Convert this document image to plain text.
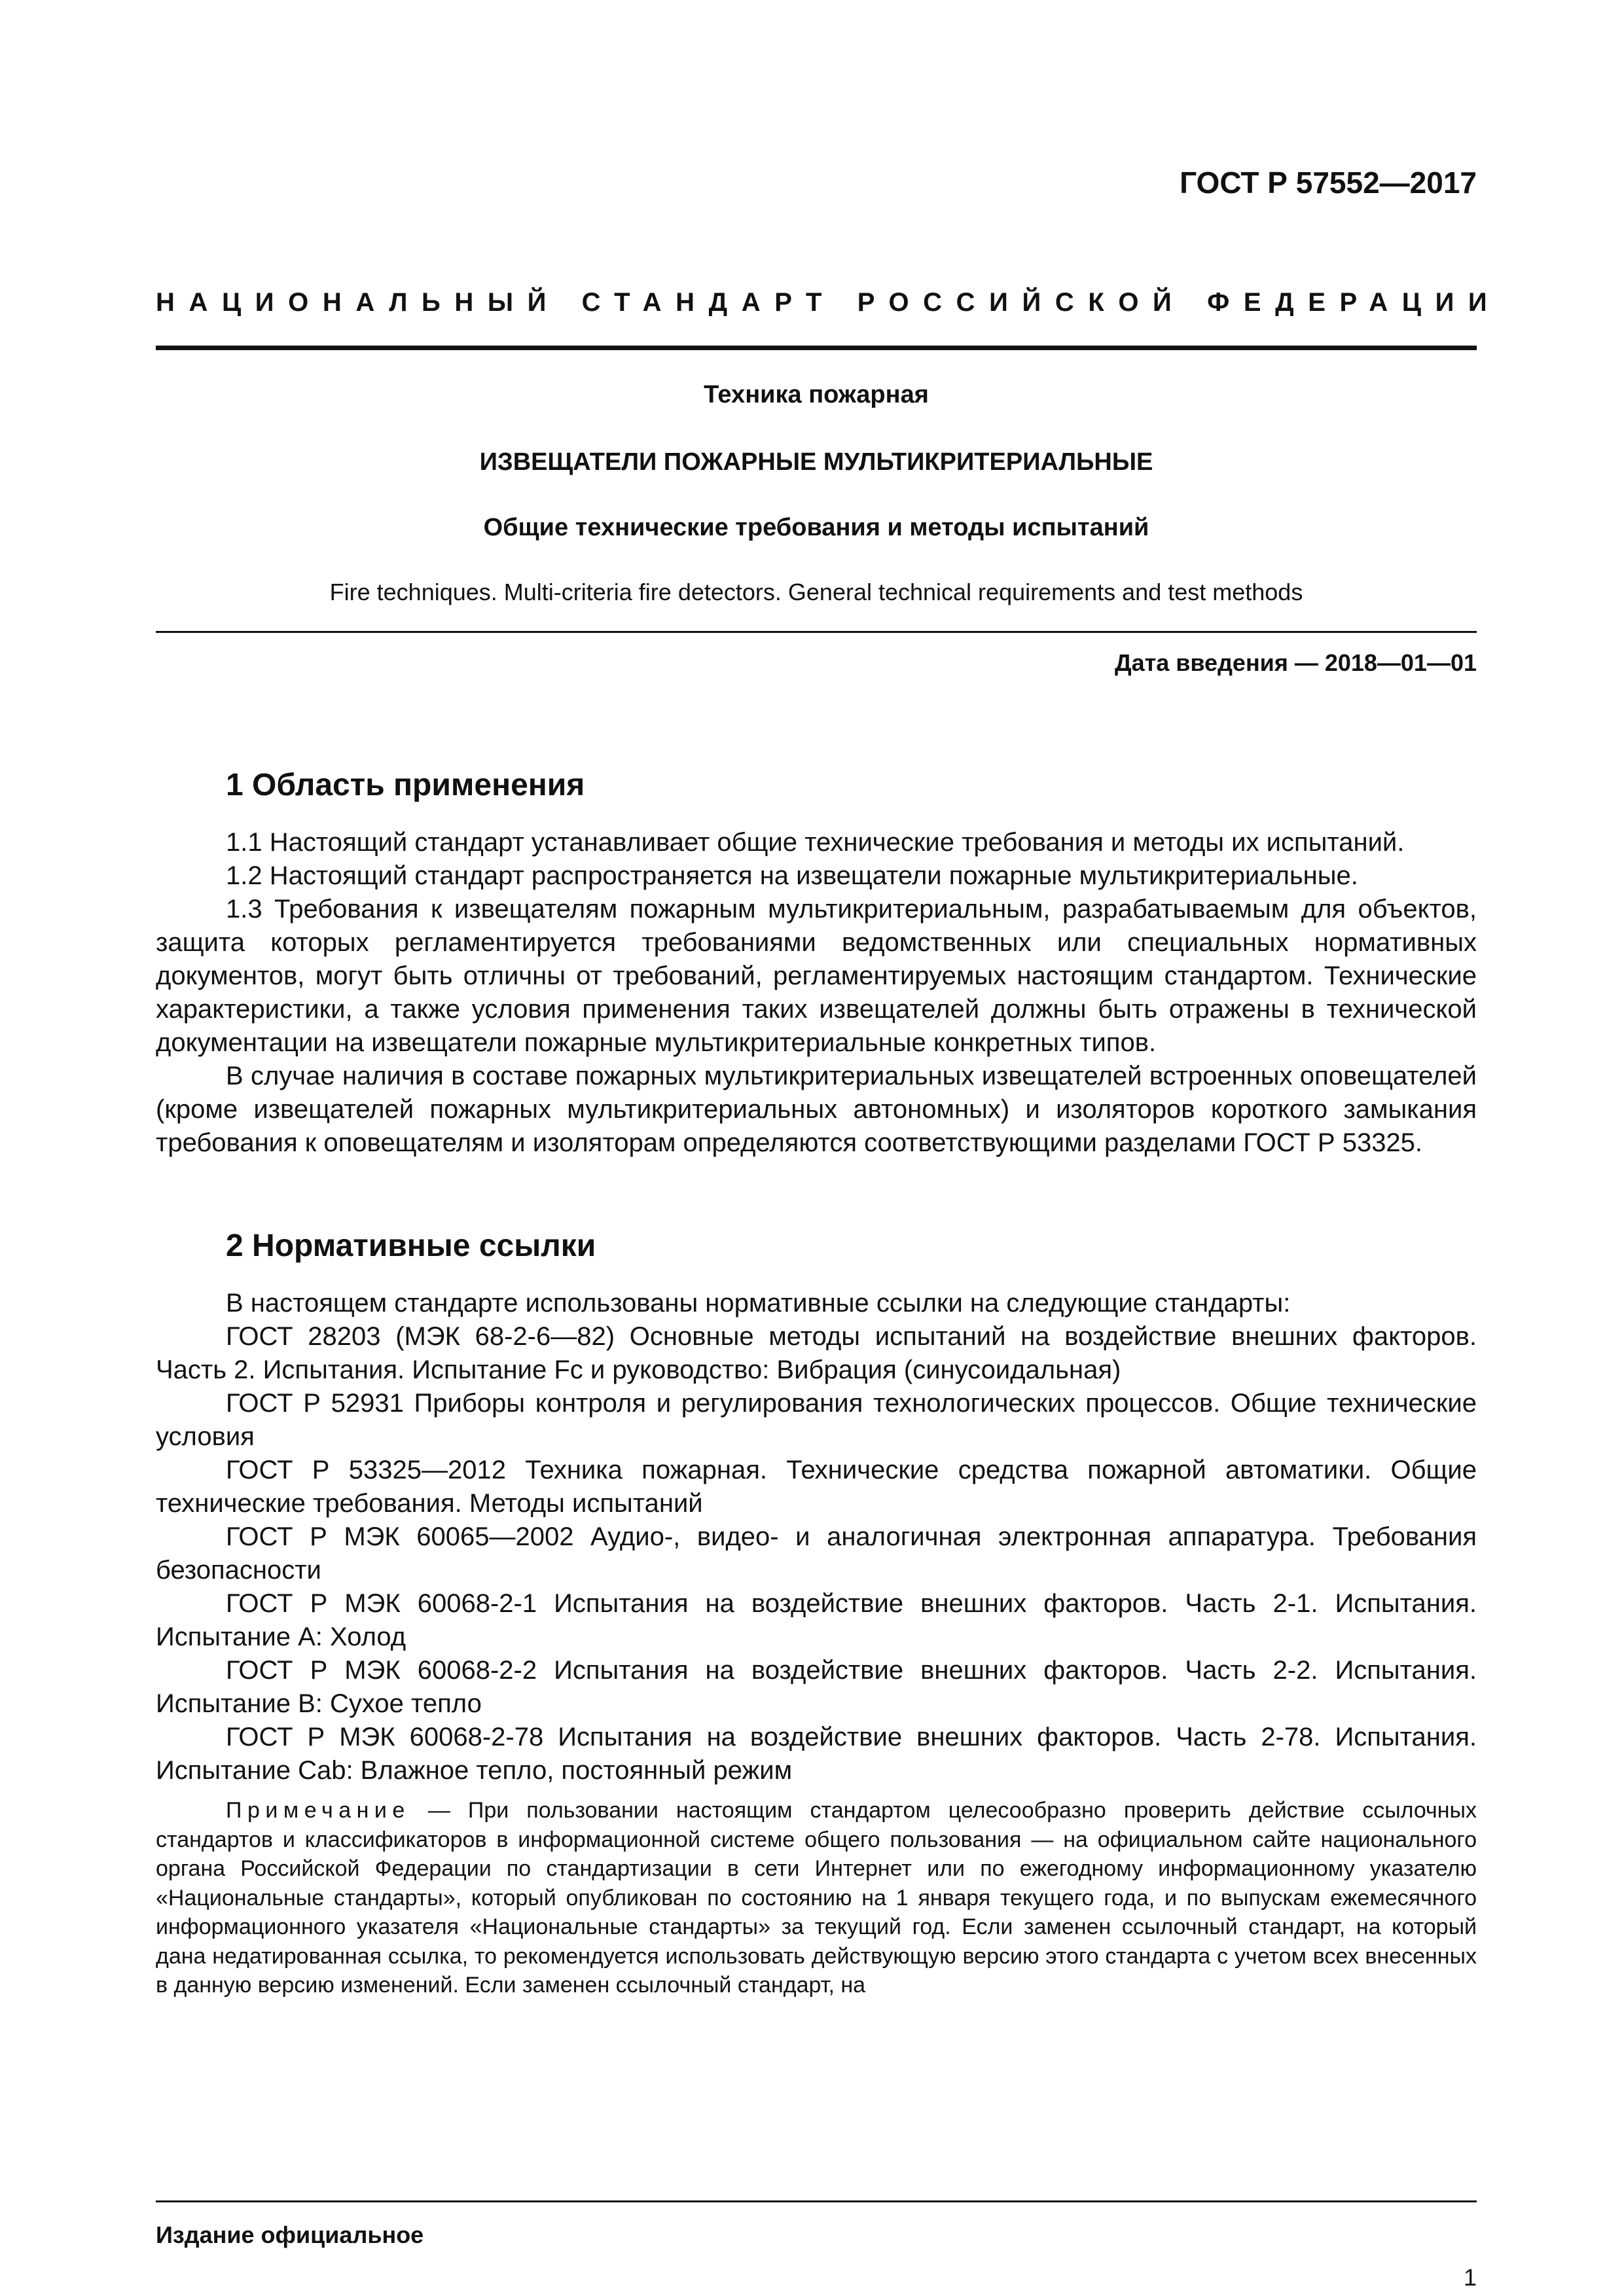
ГОСТ Р 57552—2017
НАЦИОНАЛЬНЫЙ СТАНДАРТ РОССИЙСКОЙ ФЕДЕРАЦИИ
Техника пожарная
ИЗВЕЩАТЕЛИ ПОЖАРНЫЕ МУЛЬТИКРИТЕРИАЛЬНЫЕ
Общие технические требования и методы испытаний
Fire techniques. Multi-criteria fire detectors. General technical requirements and test methods
Дата введения — 2018—01—01
1 Область применения

1.1 Настоящий стандарт устанавливает общие технические требования и методы их испытаний.

1.2 Настоящий стандарт распространяется на извещатели пожарные мультикритериальные.

1.3 Требования к извещателям пожарным мультикритериальным, разрабатываемым для объектов, защита которых регламентируется требованиями ведомственных или специальных нормативных документов, могут быть отличны от требований, регламентируемых настоящим стандартом. Технические характеристики, а также условия применения таких извещателей должны быть отражены в технической документации на извещатели пожарные мультикритериальные конкретных типов.

В случае наличия в составе пожарных мультикритериальных извещателей встроенных оповещателей (кроме извещателей пожарных мультикритериальных автономных) и изоляторов короткого замыкания требования к оповещателям и изоляторам определяются соответствующими разделами ГОСТ Р 53325.

2 Нормативные ссылки

В настоящем стандарте использованы нормативные ссылки на следующие стандарты:

ГОСТ 28203 (МЭК 68-2-6—82) Основные методы испытаний на воздействие внешних факторов. Часть 2. Испытания. Испытание Fc и руководство: Вибрация (синусоидальная)

ГОСТ Р 52931 Приборы контроля и регулирования технологических процессов. Общие технические условия

ГОСТ Р 53325—2012 Техника пожарная. Технические средства пожарной автоматики. Общие технические требования. Методы испытаний

ГОСТ Р МЭК 60065—2002 Аудио-, видео- и аналогичная электронная аппаратура. Требования безопасности

ГОСТ Р МЭК 60068-2-1 Испытания на воздействие внешних факторов. Часть 2-1. Испытания. Испытание А: Холод

ГОСТ Р МЭК 60068-2-2 Испытания на воздействие внешних факторов. Часть 2-2. Испытания. Испытание В: Сухое тепло

ГОСТ Р МЭК 60068-2-78 Испытания на воздействие внешних факторов. Часть 2-78. Испытания. Испытание Cab: Влажное тепло, постоянный режим

Примечание — При пользовании настоящим стандартом целесообразно проверить действие ссылочных стандартов и классификаторов в информационной системе общего пользования — на официальном сайте национального органа Российской Федерации по стандартизации в сети Интернет или по ежегодному информационному указателю «Национальные стандарты», который опубликован по состоянию на 1 января текущего года, и по выпускам ежемесячного информационного указателя «Национальные стандарты» за текущий год. Если заменен ссылочный стандарт, на который дана недатированная ссылка, то рекомендуется использовать действующую версию этого стандарта с учетом всех внесенных в данную версию изменений. Если заменен ссылочный стандарт, на

Издание официальное
1
